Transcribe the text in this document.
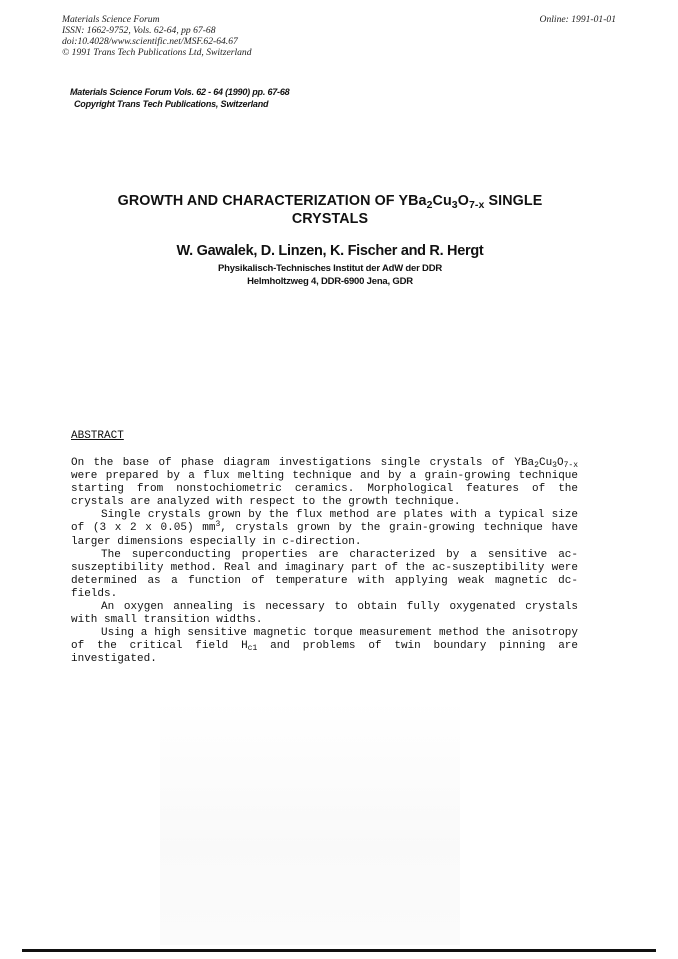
Materials Science Forum
ISSN: 1662-9752, Vols. 62-64, pp 67-68
doi:10.4028/www.scientific.net/MSF.62-64.67
© 1991 Trans Tech Publications Ltd, Switzerland
Online: 1991-01-01
Materials Science Forum Vols. 62 - 64 (1990) pp. 67-68
Copyright Trans Tech Publications, Switzerland
GROWTH AND CHARACTERIZATION OF $YBa_2Cu_3O_{7-x}$ SINGLE
CRYSTALS
W. Gawalek, D. Linzen, K. Fischer and R. Hergt
Physikalisch-Technisches Institut der AdW der DDR
Helmholtzweg 4, DDR-6900 Jena, GDR
ABSTRACT

On the base of phase diagram investigations single crystals of $YBa_2Cu_3O_{7-x}$ were prepared by a flux melting technique and by a grain-growing technique starting from nonstochiometric ceramics. Morphological features of the crystals are analyzed with respect to the growth technique.

Single crystals grown by the flux method are plates with a typical size of (3 x 2 x 0.05) $mm^3$, crystals grown by the grain-growing technique have larger dimensions especially in c-direction.

The superconducting properties are characterized by a sensitive ac-suszeptibility method. Real and imaginary part of the ac-suszeptibility were determined as a function of temperature with applying weak magnetic dc-fields.

An oxygen annealing is necessary to obtain fully oxygenated crystals with small transition widths.

Using a high sensitive magnetic torque measurement method the anisotropy of the critical field $H_{c1}$ and problems of twin boundary pinning are investigated.
